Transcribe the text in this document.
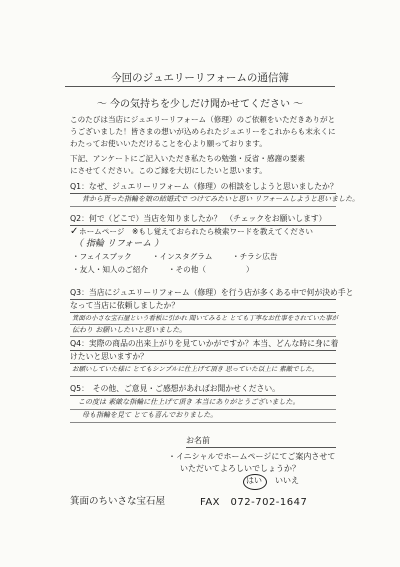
今回のジュエリーリフォームの通信簿
～ 今の気持ちを少しだけ聞かせてください ～
このたびは当店にジュエリーリフォーム（修理）のご依頼をいただきありがと
うございました！皆さまの想いが込められたジュエリーをこれからも末永くに
わたってお使いいただけることを心より願っております。
下記、アンケートにご記入いただき私たちの勉強・反省・感謝の要素
にさせてください。このご縁を大切にしたいと思います。
Q1：なぜ、ジュエリーリフォーム（修理）の相談をしようと思いましたか？
昔から貰った指輪を娘の結婚式で つけてみたいと思い リフォームしようと思いました。
Q2：何で（どこで）当店を知りましたか？　（チェックをお願いします）
✓ ホームページ　※もし覚えておられたら検索ワードを教えてください
（ 指輪 リフォーム ）
・フェイスブック	・インスタグラム	・チラシ広告
・友人・知人のご紹介	・その他（	）
Q3：当店にジュエリーリフォーム（修理）を行う店が多くある中で何が決め手と
なって当店に依頼しましたか？
箕面の小さな宝石屋という看板に引かれ 聞いてみると とても丁寧なお仕事をされていた事が
伝わり お願いしたいと思いました。
Q4：実際の商品の出来上がりを見ていかがですか？本当、どんな時に身に着
けたいと思いますか？
お願いしていた様に とてもシンプルに仕上げて頂き 思っていた以上に 素敵でした。
Q5：　その他、ご意見・ご感想があればお聞かせください。
この度は 素敵な指輪に仕上げて頂き 本当にありがとうございました。
母も指輪を見て とても喜んでおりました。
お名前
・イニシャルでホームページにてご案内させて
いただいてよろしいでしょうか？
はい いいえ
箕面のちいさな宝石屋	FAX　072-702-1647
